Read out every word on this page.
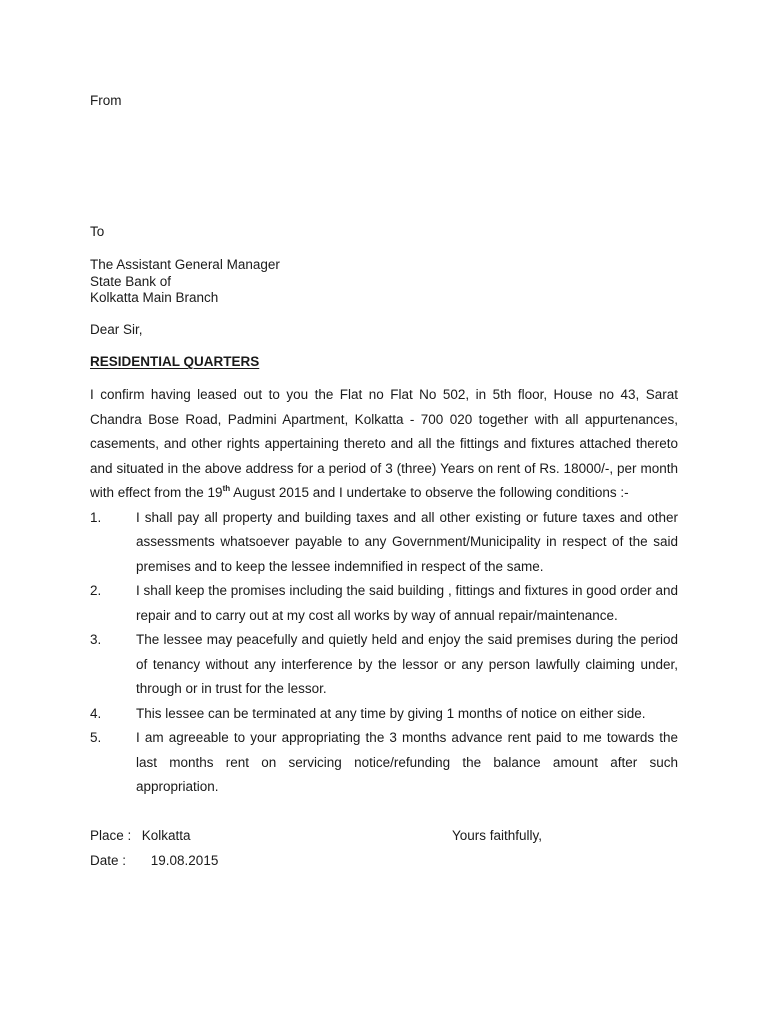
From
To
The Assistant General Manager
State Bank of
Kolkatta Main Branch
Dear Sir,
RESIDENTIAL QUARTERS

I confirm having leased out to you the Flat no Flat No 502, in 5th floor, House no 43, Sarat Chandra Bose Road, Padmini Apartment, Kolkatta - 700 020 together with all appurtenances, casements, and other rights appertaining thereto and all the fittings and fixtures attached thereto and situated in the above address for a period of 3 (three) Years on rent of Rs. 18000/-, per month with effect from the 19th August 2015 and I undertake to observe the following conditions :-

1.	I shall pay all property and building taxes and all other existing or future taxes and other assessments whatsoever payable to any Government/Municipality in respect of the said premises and to keep the lessee indemnified in respect of the same.
2.	I shall keep the promises including the said building , fittings and fixtures in good order and repair and to carry out at my cost all works by way of annual repair/maintenance.
3.	The lessee may peacefully and quietly held and enjoy the said premises during the period of tenancy without any interference by the lessor or any person lawfully claiming under, through or in trust for the lessor.
4.	This lessee can be terminated at any time by giving 1 months of notice on either side.
5.	I am agreeable to your appropriating the 3 months advance rent paid to me towards the last months rent on servicing notice/refunding the balance amount after such appropriation.
Place : Kolkatta	Yours faithfully,
Date : 19.08.2015
